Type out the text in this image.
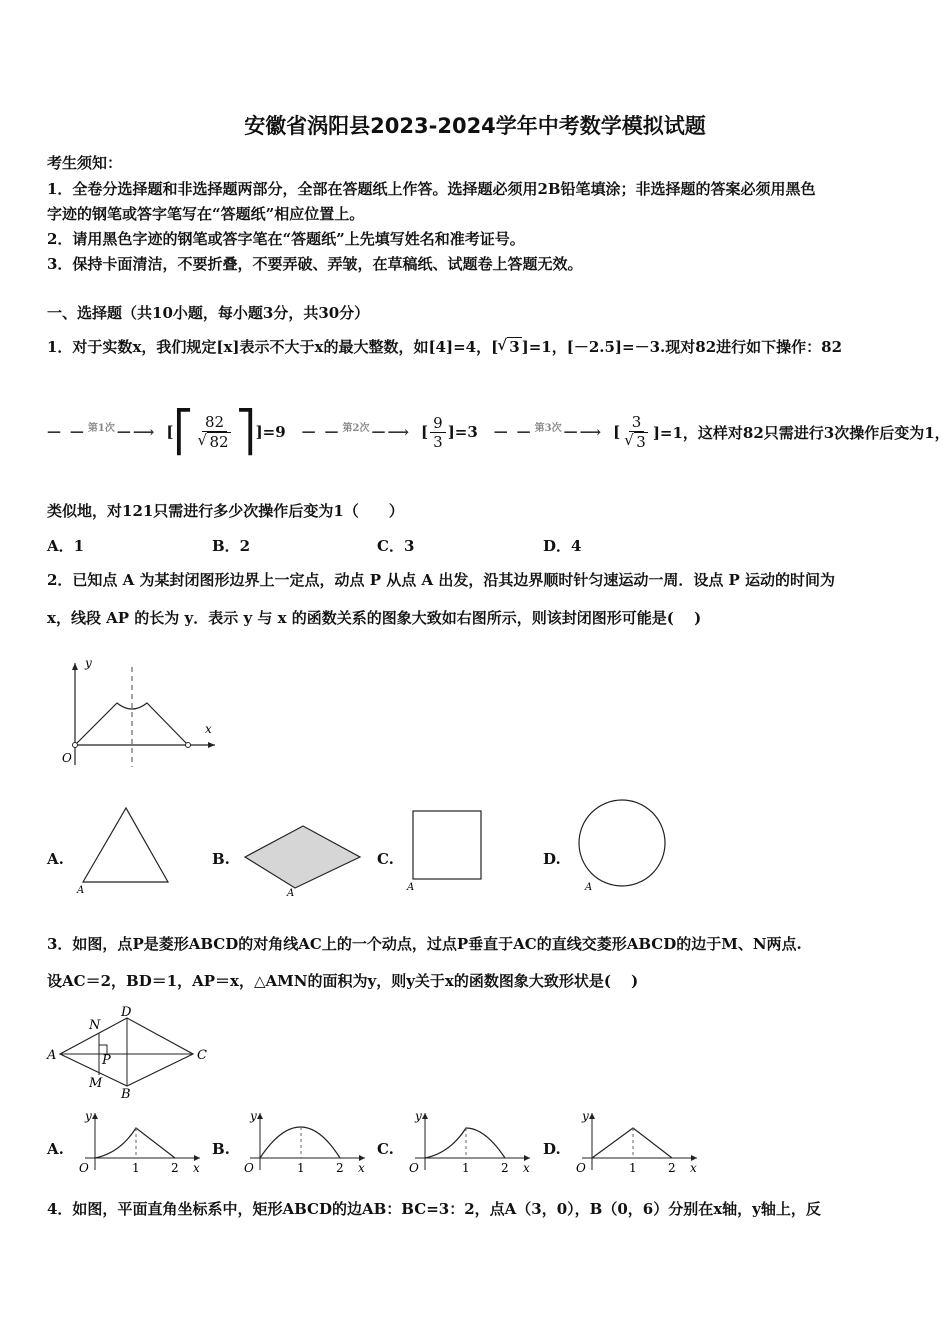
安徽省涡阳县2023-2024学年中考数学模拟试题
考生须知：
1．全卷分选择题和非选择题两部分，全部在答题纸上作答。选择题必须用2B铅笔填涂；非选择题的答案必须用黑色
字迹的钢笔或答字笔写在“答题纸”相应位置上。
2．请用黑色字迹的钢笔或答字笔在“答题纸”上先填写姓名和准考证号。
3．保持卡面清洁，不要折叠，不要弄破、弄皱，在草稿纸、试题卷上答题无效。
一、选择题（共10小题，每小题3分，共30分）
1．对于实数x，我们规定[x]表示不大于x的最大整数，如[4]=4，[√ 3 ]=1，[－2.5]=－3.现对82进行如下操作：82
— — 第1次 — ⟶ [ ⎡ 82
√ 82 ⎤ ]=9 — — 第2次 — ⟶ [ $\frac{9}{3} ]=3$ — — 第3次 — ⟶ [ 3
√ 3 ]=1，这样对82只需进行3次操作后变为1，
类似地，对121只需进行多少次操作后变为1（　　）
A．1	B．2	C．3	D．4
2．已知点 A 为某封闭图形边界上一定点，动点 P 从点 A 出发，沿其边界顺时针匀速运动一周．设点 P 运动的时间为
x，线段 AP 的长为 y．表示 y 与 x 的函数关系的图象大致如右图所示，则该封闭图形可能是(　 )
y
x
O
A.
A
B.
A
C.
A
D.
A
3．如图，点P是菱形ABCD的对角线AC上的一个动点，过点P垂直于AC的直线交菱形ABCD的边于M、N两点.
设AC＝2，BD＝1，AP＝x，△AMN的面积为y，则y关于x的函数图象大致形状是(　 )
A
B
C
D
N
M
P
A.
y
x
O	1	2
B.
y
x
O	1	2
C.
y
x
O	1	2
D.
y
x
O	1	2
4．如图，平面直角坐标系中，矩形ABCD的边AB：BC=3：2，点A（3，0），B（0，6）分别在x轴，y轴上，反
